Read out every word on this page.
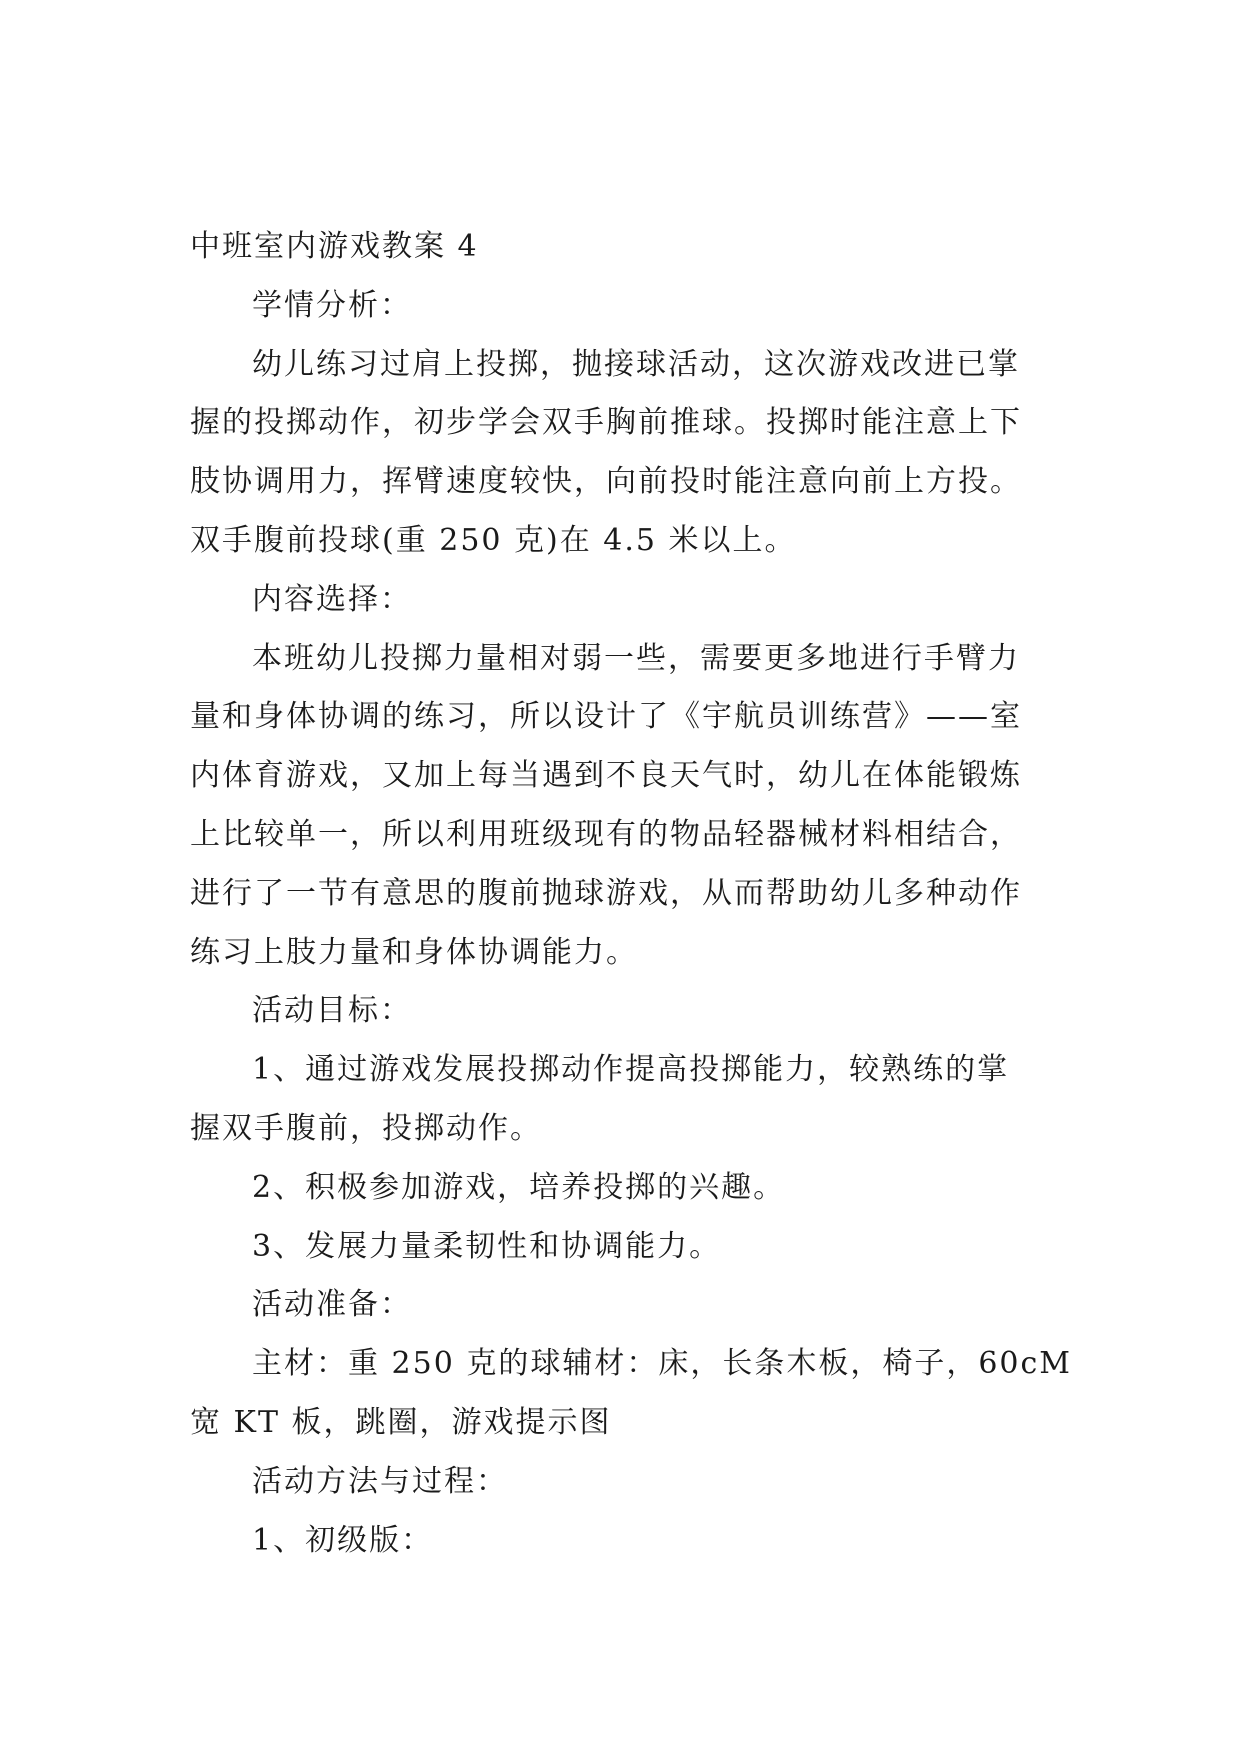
中班室内游戏教案 4
学情分析：
幼儿练习过肩上投掷，抛接球活动，这次游戏改进已掌
握的投掷动作，初步学会双手胸前推球。投掷时能注意上下
肢协调用力，挥臂速度较快，向前投时能注意向前上方投。
双手腹前投球(重 250 克)在 4.5 米以上。
内容选择：
本班幼儿投掷力量相对弱一些，需要更多地进行手臂力
量和身体协调的练习，所以设计了《宇航员训练营》——室
内体育游戏，又加上每当遇到不良天气时，幼儿在体能锻炼
上比较单一，所以利用班级现有的物品轻器械材料相结合，
进行了一节有意思的腹前抛球游戏，从而帮助幼儿多种动作
练习上肢力量和身体协调能力。
活动目标：
1、通过游戏发展投掷动作提高投掷能力，较熟练的掌
握双手腹前，投掷动作。
2、积极参加游戏，培养投掷的兴趣。
3、发展力量柔韧性和协调能力。
活动准备：
主材：重 250 克的球辅材：床，长条木板，椅子，60cM
宽 KT 板，跳圈，游戏提示图
活动方法与过程：
1、初级版：
